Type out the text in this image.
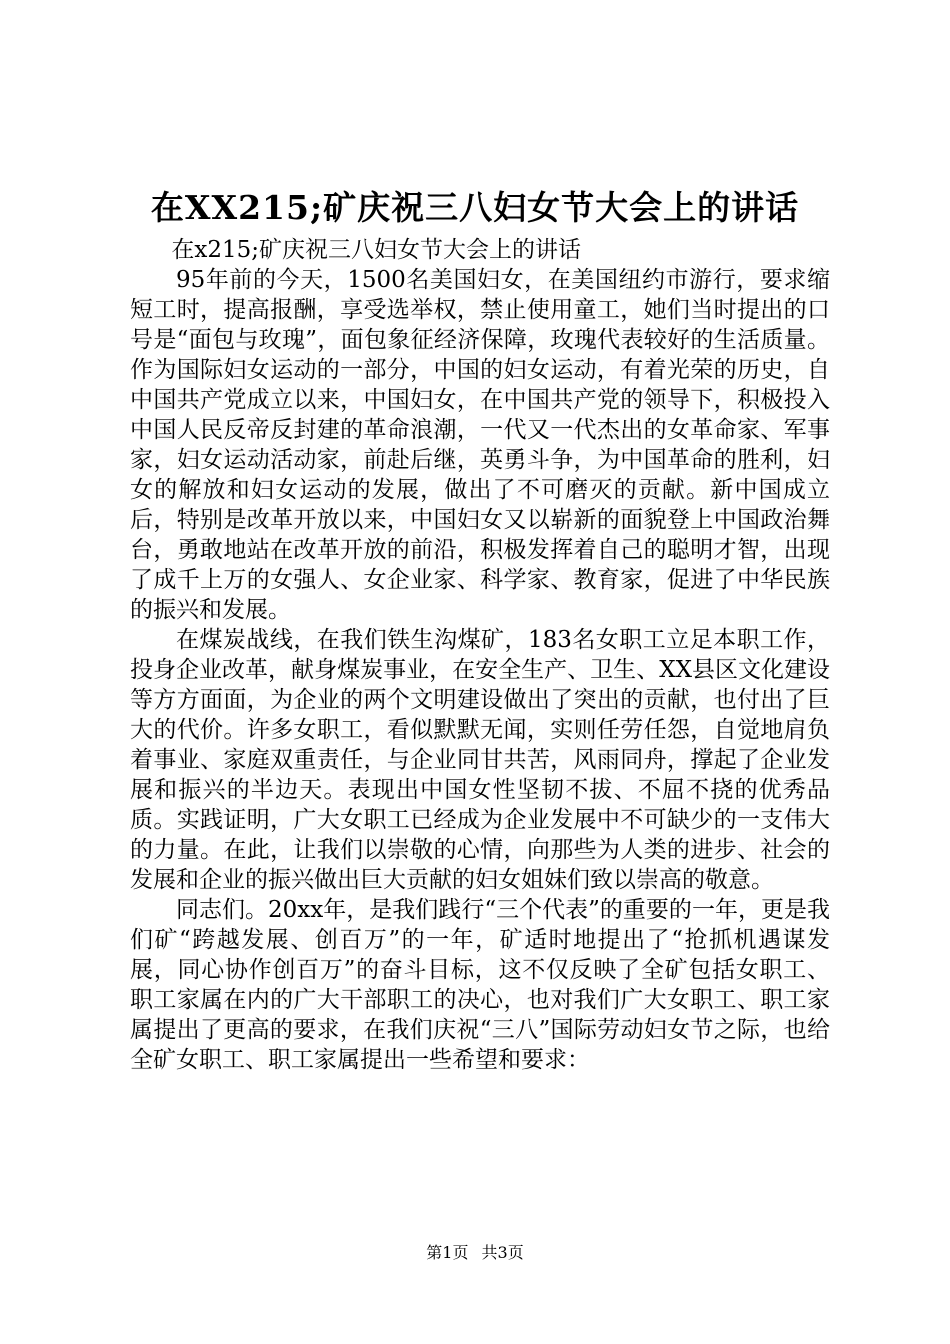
在XX215;矿庆祝三八妇女节大会上的讲话

在x215;矿庆祝三八妇女节大会上的讲话

95年前的今天，1500名美国妇女，在美国纽约市游行，要求缩短工时，提高报酬，享受选举权，禁止使用童工，她们当时提出的口号是“面包与玫瑰”，面包象征经济保障，玫瑰代表较好的生活质量。作为国际妇女运动的一部分，中国的妇女运动，有着光荣的历史，自中国共产党成立以来，中国妇女，在中国共产党的领导下，积极投入中国人民反帝反封建的革命浪潮，一代又一代杰出的女革命家、军事家，妇女运动活动家，前赴后继，英勇斗争，为中国革命的胜利，妇女的解放和妇女运动的发展，做出了不可磨灭的贡献。新中国成立后，特别是改革开放以来，中国妇女又以崭新的面貌登上中国政治舞台，勇敢地站在改革开放的前沿，积极发挥着自己的聪明才智，出现了成千上万的女强人、女企业家、科学家、教育家，促进了中华民族的振兴和发展。

在煤炭战线，在我们铁生沟煤矿，183名女职工立足本职工作，投身企业改革，献身煤炭事业，在安全生产、卫生、XX县区文化建设等方方面面，为企业的两个文明建设做出了突出的贡献，也付出了巨大的代价。许多女职工，看似默默无闻，实则任劳任怨，自觉地肩负着事业、家庭双重责任，与企业同甘共苦，风雨同舟，撑起了企业发展和振兴的半边天。表现出中国女性坚韧不拔、不屈不挠的优秀品质。实践证明，广大女职工已经成为企业发展中不可缺少的一支伟大的力量。在此，让我们以崇敬的心情，向那些为人类的进步、社会的发展和企业的振兴做出巨大贡献的妇女姐妹们致以崇高的敬意。

同志们。20xx年，是我们践行“三个代表”的重要的一年，更是我们矿“跨越发展、创百万”的一年，矿适时地提出了“抢抓机遇谋发展，同心协作创百万”的奋斗目标，这不仅反映了全矿包括女职工、职工家属在内的广大干部职工的决心，也对我们广大女职工、职工家属提出了更高的要求，在我们庆祝“三八”国际劳动妇女节之际，也给全矿女职工、职工家属提出一些希望和要求：

第1页 共3页
